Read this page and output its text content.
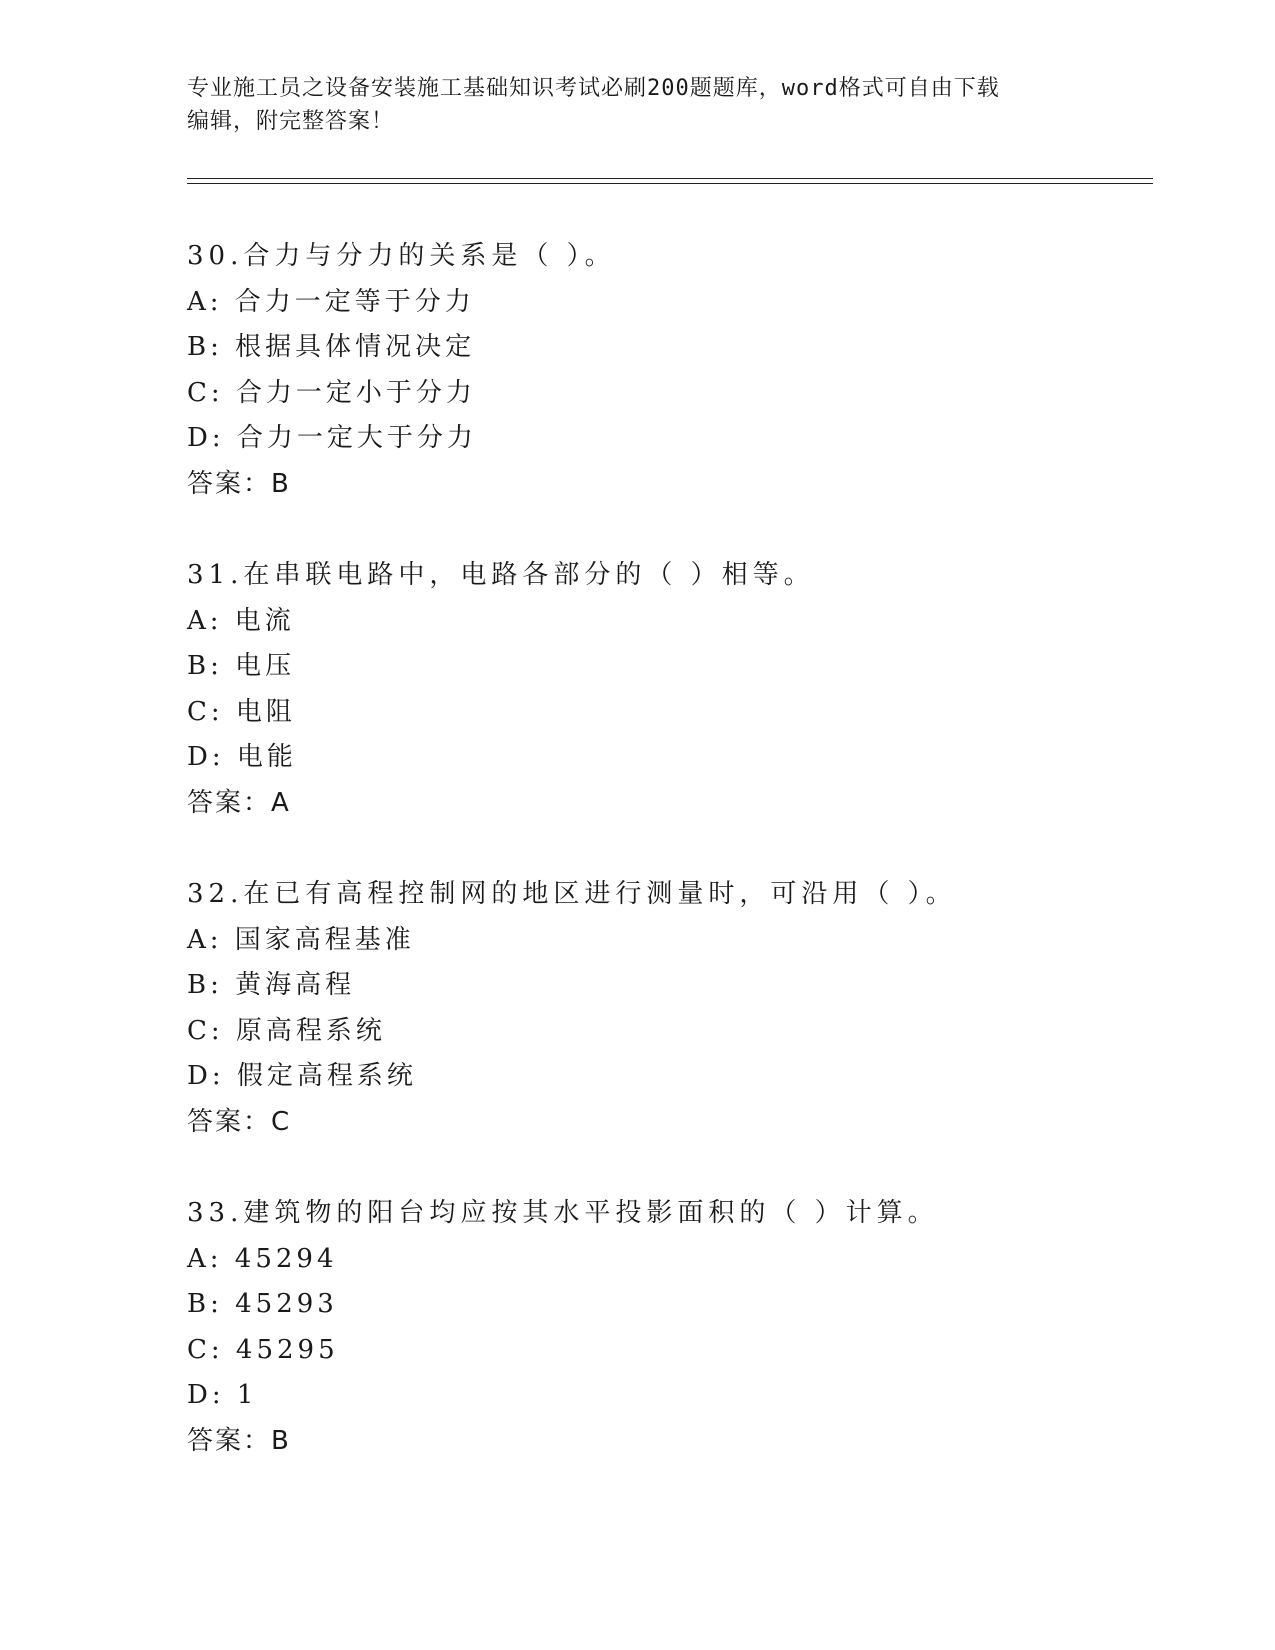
专业施工员之设备安装施工基础知识考试必刷200题题库，word格式可自由下载
编辑，附完整答案！
30.合力与分力的关系是（ ）。
A: 合力一定等于分力
B: 根据具体情况决定
C: 合力一定小于分力
D: 合力一定大于分力
答案：B
31.在串联电路中，电路各部分的（ ）相等。
A: 电流
B: 电压
C: 电阻
D: 电能
答案：A
32.在已有高程控制网的地区进行测量时，可沿用（ ）。
A: 国家高程基准
B: 黄海高程
C: 原高程系统
D: 假定高程系统
答案：C
33.建筑物的阳台均应按其水平投影面积的（ ）计算。
A: 45294
B: 45293
C: 45295
D: 1
答案：B
